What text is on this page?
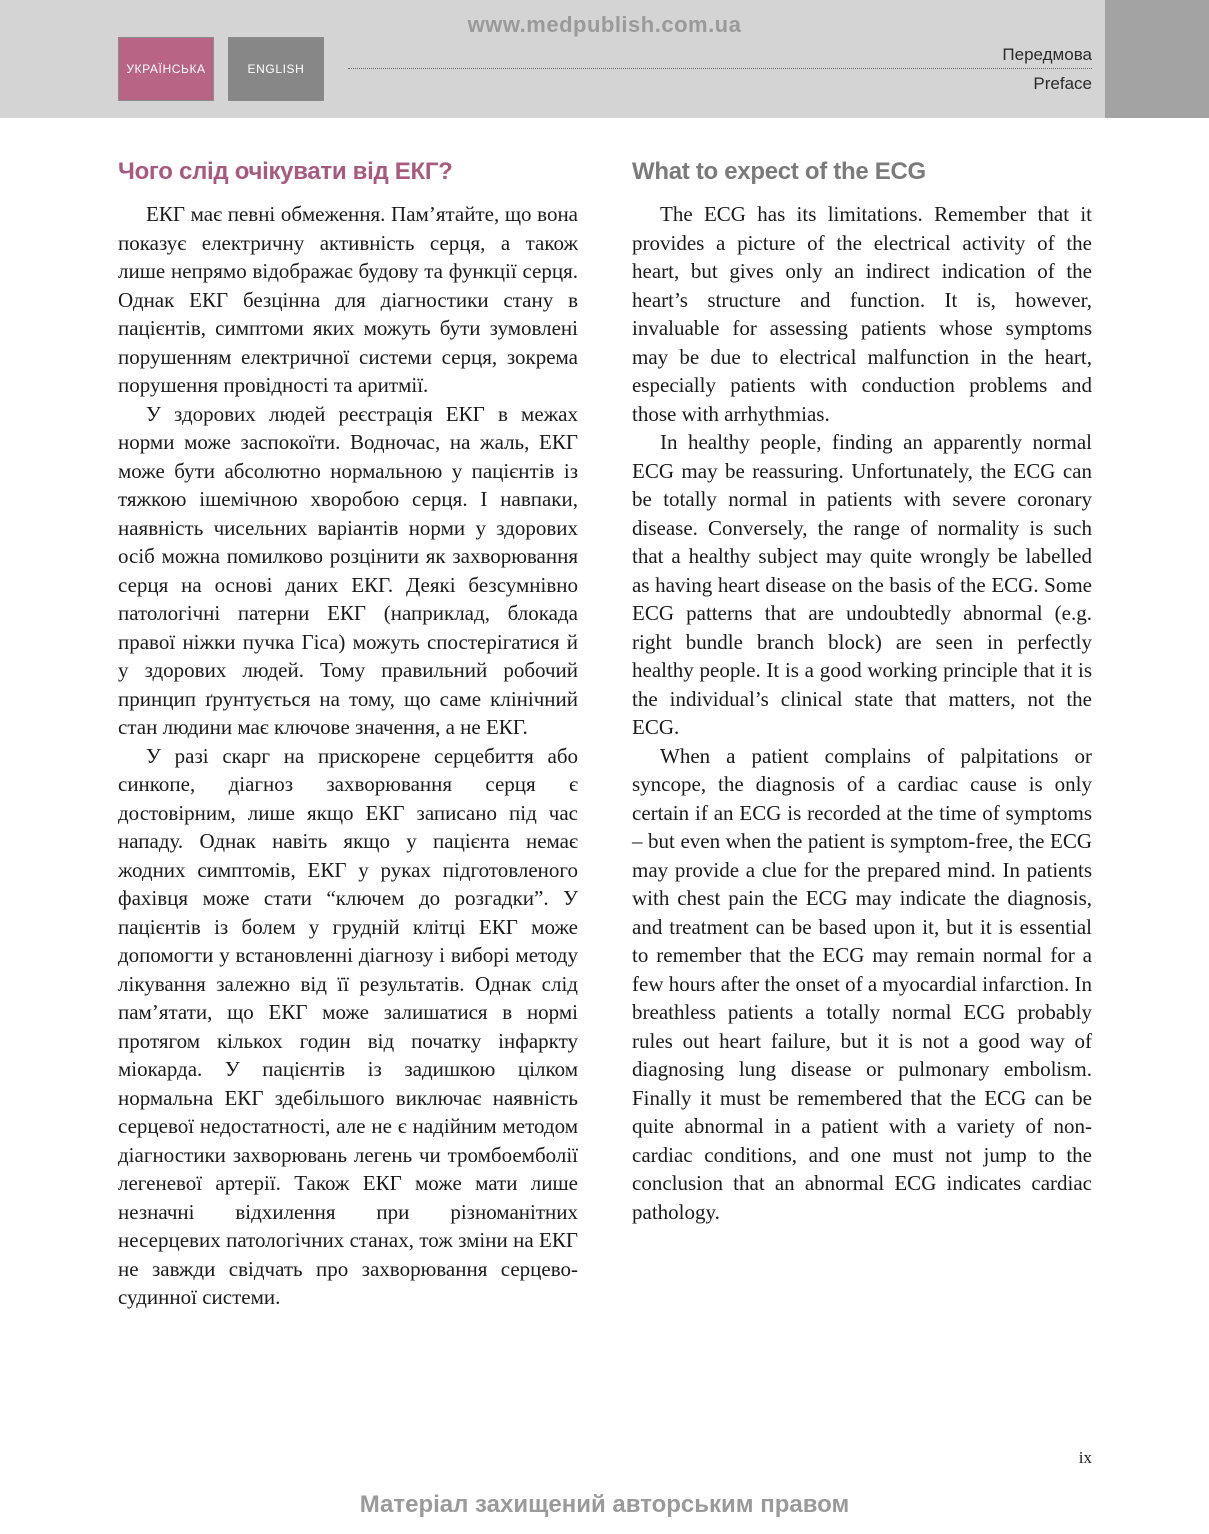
www.medpublish.com.ua
УКРАЇНСЬКА	ENGLISH
Передмова
Preface
Чого слід очікувати від ЕКГ?

ЕКГ має певні обмеження. Пам’ятайте, що вона показує електричну активність серця, а також лише непрямо відображає будову та функції серця. Однак ЕКГ безцінна для діагностики стану в пацієнтів, симптоми яких можуть бути зумовлені порушенням електричної системи серця, зокрема порушення провідності та аритмії.

У здорових людей реєстрація ЕКГ в межах норми може заспокоїти. Водночас, на жаль, ЕКГ може бути абсолютно нормальною у пацієнтів із тяжкою ішемічною хворобою серця. І навпаки, наявність чисельних варіантів норми у здорових осіб можна помилково розцінити як захворювання серця на основі даних ЕКГ. Деякі безсумнівно патологічні патерни ЕКГ (наприклад, блокада правої ніжки пучка Гіса) можуть спостерігатися й у здорових людей. Тому правильний робочий принцип ґрунтується на тому, що саме клінічний стан людини має ключове значення, а не ЕКГ.

У разі скарг на прискорене серцебиття або синкопе, діагноз захворювання серця є достовірним, лише якщо ЕКГ записано під час нападу. Однак навіть якщо у пацієнта немає жодних симптомів, ЕКГ у руках підготовленого фахівця може стати “ключем до розгадки”. У пацієнтів із болем у грудній клітці ЕКГ може допомогти у встановленні діагнозу і виборі методу лікування залежно від її результатів. Однак слід пам’ятати, що ЕКГ може залишатися в нормі протягом кількох годин від початку інфаркту міокарда. У пацієнтів із задишкою цілком нормальна ЕКГ здебільшого виключає наявність серцевої недостатності, але не є надійним методом діагностики захворювань легень чи тромбоемболії легеневої артерії. Також ЕКГ може мати лише незначні відхилення при різноманітних несерцевих патологічних станах, тож зміни на ЕКГ не завжди свідчать про захворювання серцево-судинної системи.

What to expect of the ECG

The ECG has its limitations. Remember that it provides a picture of the electrical activity of the heart, but gives only an indirect indication of the heart’s structure and function. It is, however, invaluable for assessing patients whose symptoms may be due to electrical malfunction in the heart, especially patients with conduction problems and those with arrhythmias.

In healthy people, finding an apparently normal ECG may be reassuring. Unfortunately, the ECG can be totally normal in patients with severe coronary disease. Conversely, the range of normality is such that a healthy subject may quite wrongly be labelled as having heart disease on the basis of the ECG. Some ECG patterns that are undoubtedly abnormal (e.g. right bundle branch block) are seen in perfectly healthy people. It is a good working principle that it is the individual’s clinical state that matters, not the ECG.

When a patient complains of palpitations or syncope, the diagnosis of a cardiac cause is only certain if an ECG is recorded at the time of symptoms – but even when the patient is symptom-free, the ECG may provide a clue for the prepared mind. In patients with chest pain the ECG may indicate the diagnosis, and treatment can be based upon it, but it is essential to remember that the ECG may remain normal for a few hours after the onset of a myocardial infarction. In breathless patients a totally normal ECG probably rules out heart failure, but it is not a good way of diagnosing lung disease or pulmonary embolism. Finally it must be remembered that the ECG can be quite abnormal in a patient with a variety of non-cardiac conditions, and one must not jump to the conclusion that an abnormal ECG indicates cardiac pathology.

ix
Матеріал захищений авторським правом
